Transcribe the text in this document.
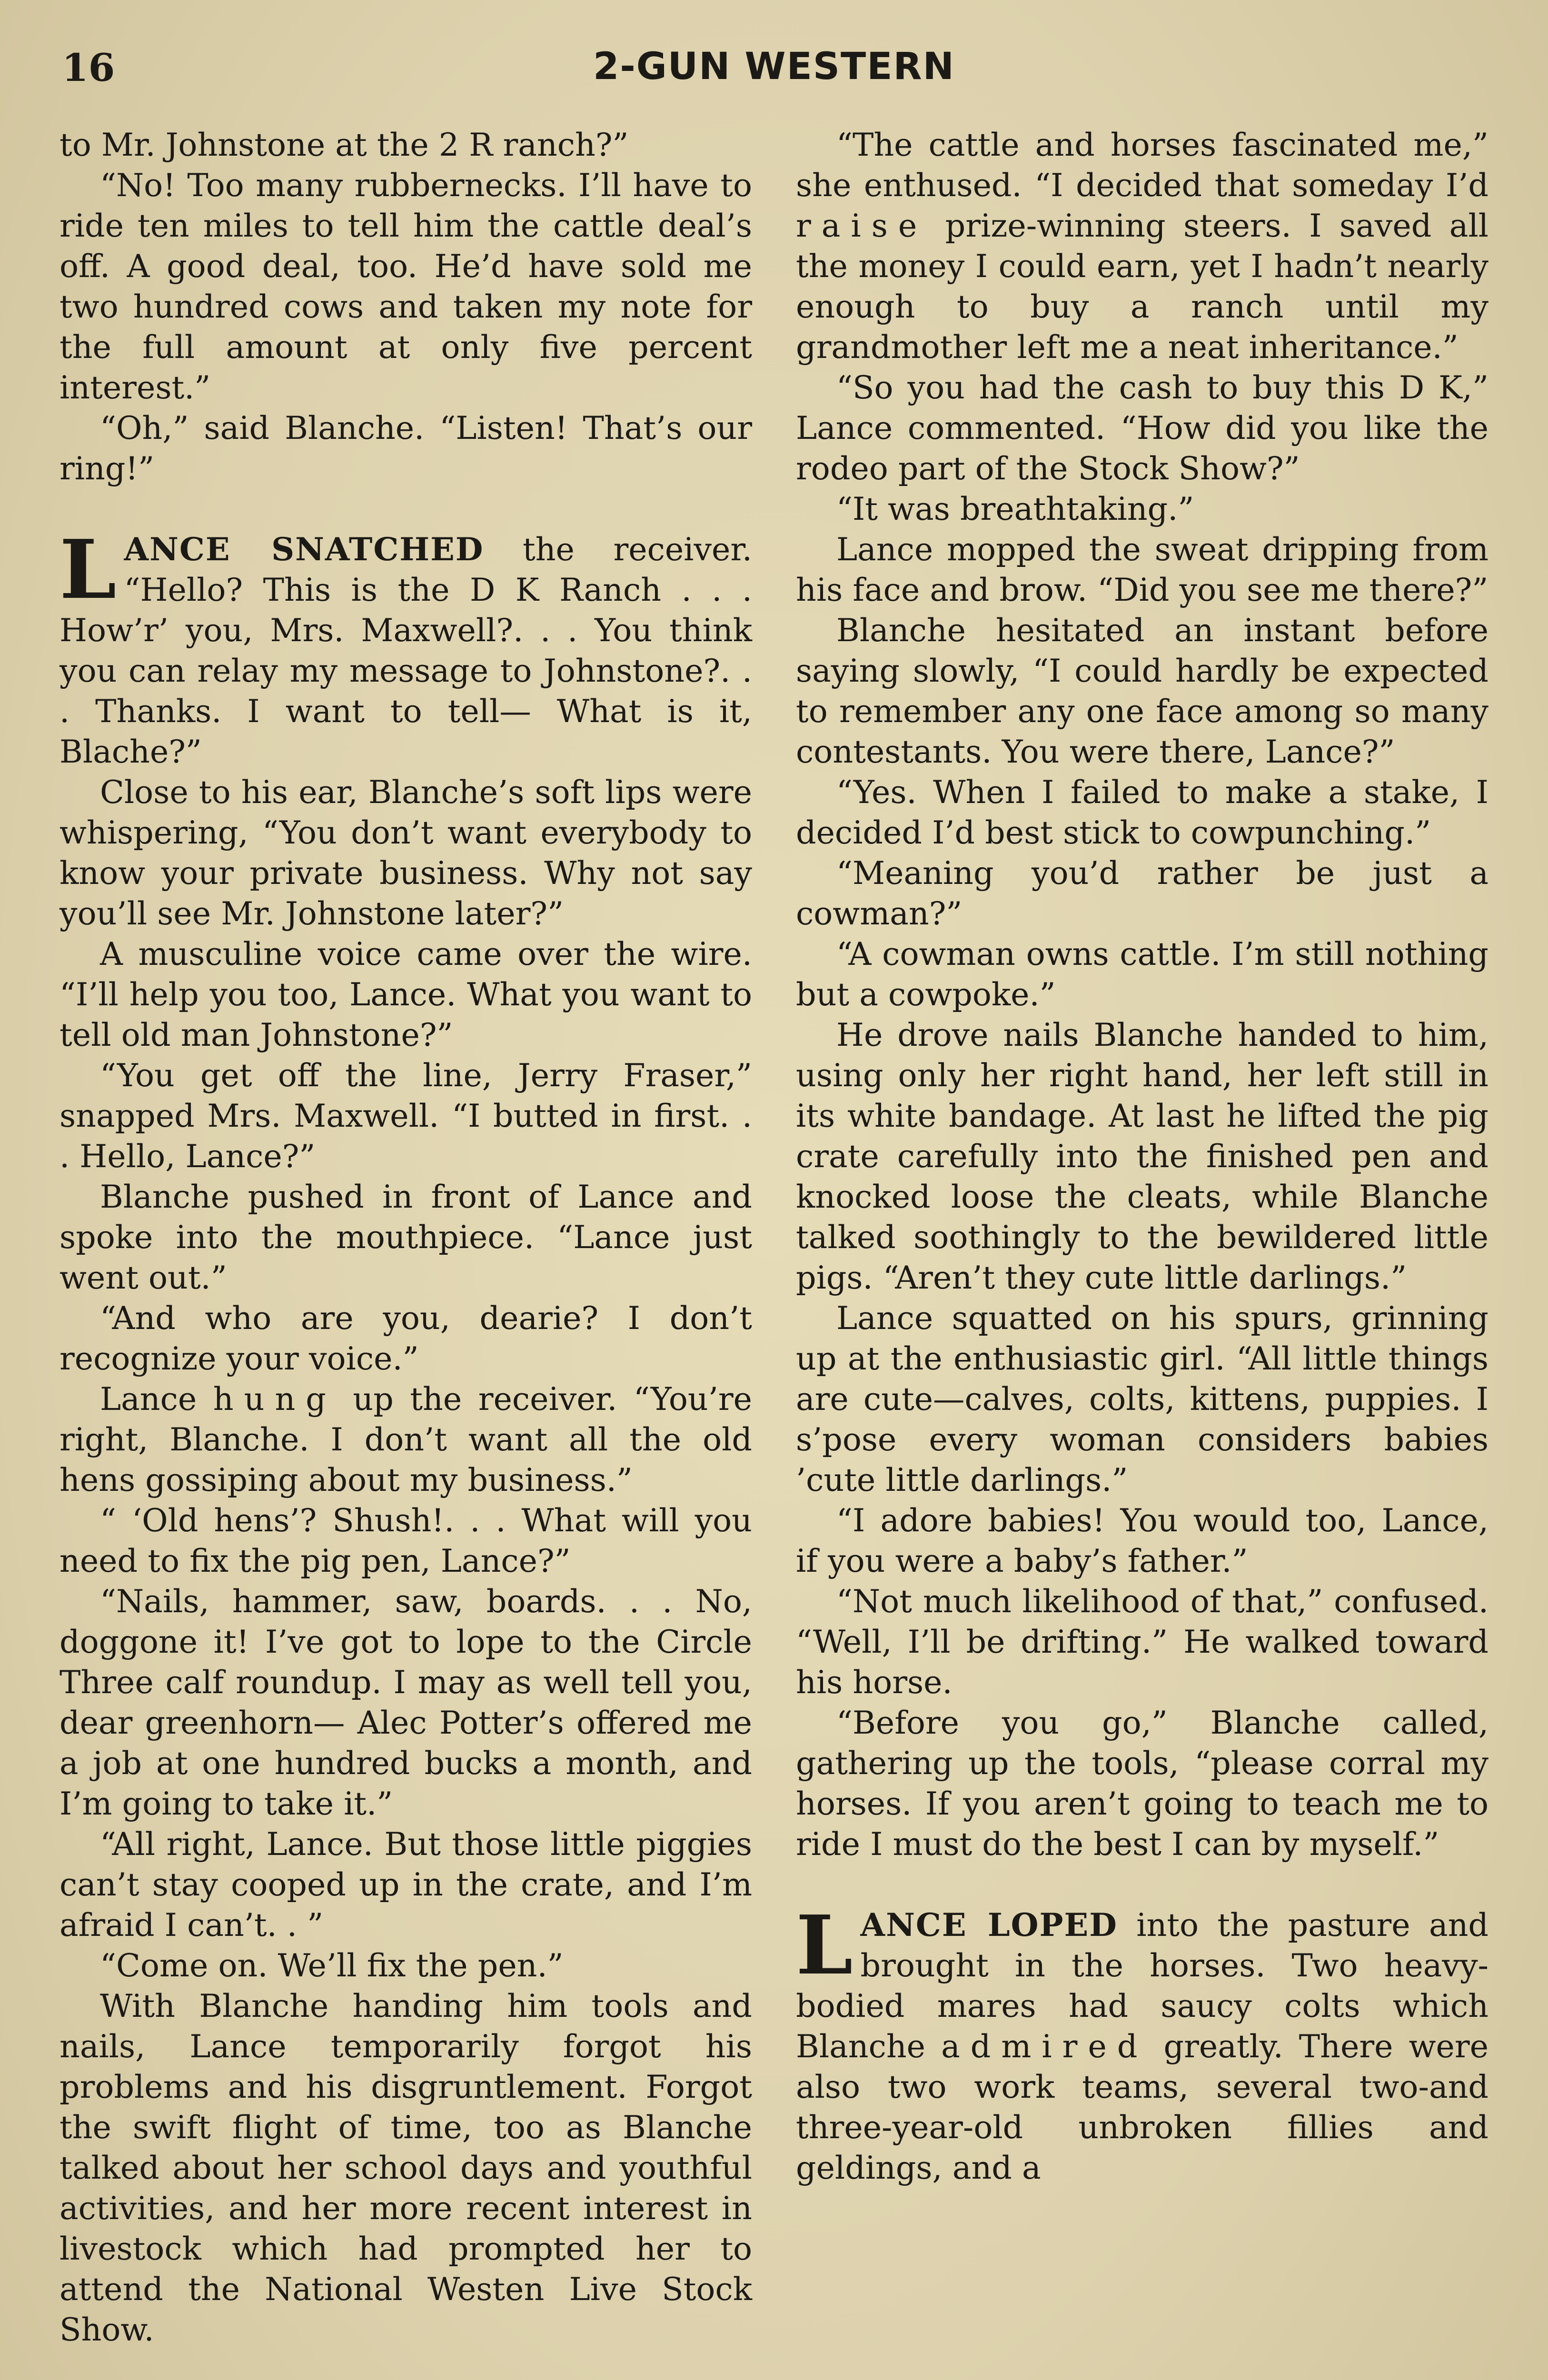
16	2-GUN WESTERN

to Mr. Johnstone at the 2 R ranch?”

“No! Too many rubbernecks. I’ll have to ride ten miles to tell him the cattle deal’s off. A good deal, too. He’d have sold me two hundred cows and taken my note for the full amount at only five percent interest.”

“Oh,” said Blanche. “Listen! That’s our ring!”

LANCE SNATCHED the receiver. “Hello? This is the D K Ranch . . . How’r’ you, Mrs. Maxwell?. . . You think you can relay my message to Johnstone?. . . Thanks. I want to tell— What is it, Blache?”

Close to his ear, Blanche’s soft lips were whispering, “You don’t want everybody to know your private business. Why not say you’ll see Mr. Johnstone later?”

A musculine voice came over the wire. “I’ll help you too, Lance. What you want to tell old man Johnstone?”

“You get off the line, Jerry Fraser,” snapped Mrs. Maxwell. “I butted in first. . . Hello, Lance?”

Blanche pushed in front of Lance and spoke into the mouthpiece. “Lance just went out.”

“And who are you, dearie? I don’t recognize your voice.”

Lance hung up the receiver. “You’re right, Blanche. I don’t want all the old hens gossiping about my business.”

“ ‘Old hens’? Shush!. . . What will you need to fix the pig pen, Lance?”

“Nails, hammer, saw, boards. . . No, doggone it! I’ve got to lope to the Circle Three calf roundup. I may as well tell you, dear greenhorn— Alec Potter’s offered me a job at one hundred bucks a month, and I’m going to take it.”

“All right, Lance. But those little piggies can’t stay cooped up in the crate, and I’m afraid I can’t. . ”

“Come on. We’ll fix the pen.”

With Blanche handing him tools and nails, Lance temporarily forgot his problems and his disgruntlement. Forgot the swift flight of time, too as Blanche talked about her school days and youthful activities, and her more recent interest in livestock which had prompted her to attend the National Westen Live Stock Show.

“The cattle and horses fascinated me,” she enthused. “I decided that someday I’d raise prize-winning steers. I saved all the money I could earn, yet I hadn’t nearly enough to buy a ranch until my grandmother left me a neat inheritance.”

“So you had the cash to buy this D K,” Lance commented. “How did you like the rodeo part of the Stock Show?”

“It was breathtaking.”

Lance mopped the sweat dripping from his face and brow. “Did you see me there?”

Blanche hesitated an instant before saying slowly, “I could hardly be expected to remember any one face among so many contestants. You were there, Lance?”

“Yes. When I failed to make a stake, I decided I’d best stick to cowpunching.”

“Meaning you’d rather be just a cowman?”

“A cowman owns cattle. I’m still nothing but a cowpoke.”

He drove nails Blanche handed to him, using only her right hand, her left still in its white bandage. At last he lifted the pig crate carefully into the finished pen and knocked loose the cleats, while Blanche talked soothingly to the bewildered little pigs. “Aren’t they cute little darlings.”

Lance squatted on his spurs, grinning up at the enthusiastic girl. “All little things are cute—calves, colts, kittens, puppies. I s’pose every woman considers babies ’cute little darlings.”

“I adore babies! You would too, Lance, if you were a baby’s father.”

“Not much likelihood of that,” confused. “Well, I’ll be drifting.” He walked toward his horse.

“Before you go,” Blanche called, gathering up the tools, “please corral my horses. If you aren’t going to teach me to ride I must do the best I can by myself.”

LANCE LOPED into the pasture and brought in the horses. Two heavy-bodied mares had saucy colts which Blanche admired greatly. There were also two work teams, several two-and three-year-old unbroken fillies and geldings, and a
